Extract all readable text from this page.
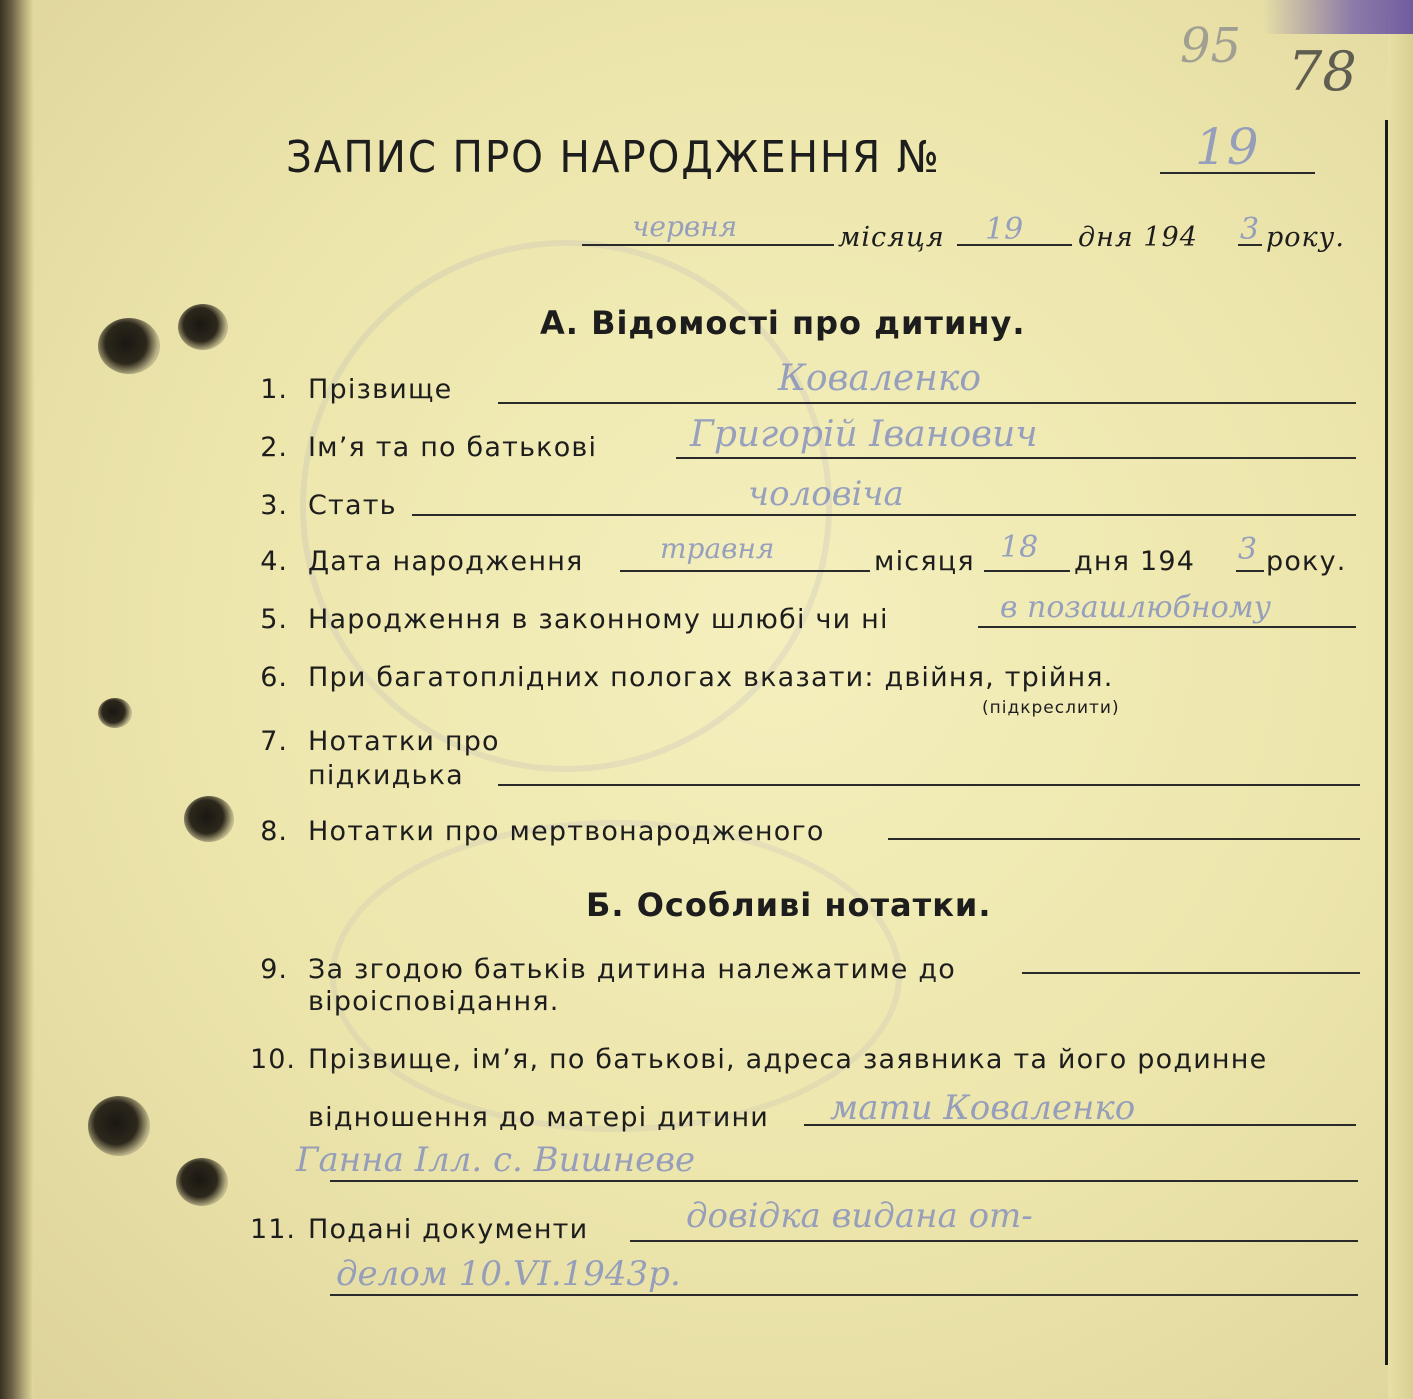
95 78
ЗАПИС ПРО НАРОДЖЕННЯ №	19
червня	місяця 19 дня 194 3 року.
А. Відомості про дитину.
1. Прізвище	Коваленко
2. Ім’я та по батькові	Григорій Іванович
3. Стать	чоловіча
4. Дата народження	травня	місяця 18 дня 194 3 року.
5. Народження в законному шлюбі чи ні	в позашлюбному
6. При багатоплідних пологах вказати: двійня, трійня.
(підкреслити)
7. Нотатки про
підкидька
8. Нотатки про мертвонародженого
Б. Особливі нотатки.
9. За згодою батьків дитина належатиме до
віроісповідання.
10. Прізвище, ім’я, по батькові, адреса заявника та його родинне
відношення до матері дитини мати Коваленко
Ганна Ілл. с. Вишневе
11. Подані документи	довідка видана от-
делом 10.VI.1943р.
